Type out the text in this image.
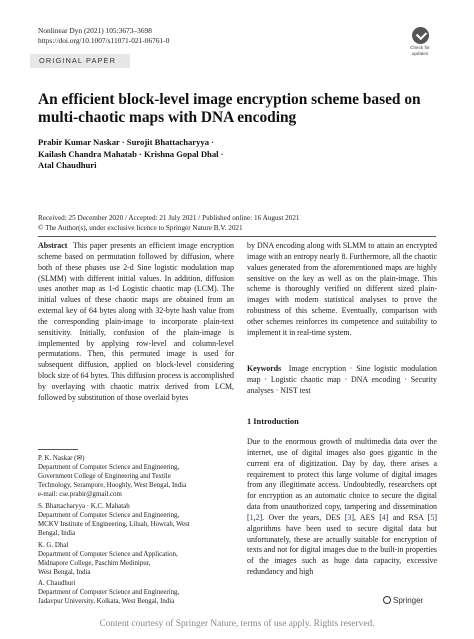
Nonlinear Dyn (2021) 105:3673–3698
https://doi.org/10.1007/s11071-021-06761-0
Check for
updates
ORIGINAL PAPER
An efficient block-level image encryption scheme based on multi-chaotic maps with DNA encoding
Prabir Kumar Naskar · Surojit Bhattacharyya ·
Kailash Chandra Mahatab · Krishna Gopal Dhal ·
Atal Chaudhuri
Received: 25 December 2020 / Accepted: 21 July 2021 / Published online: 16 August 2021
© The Author(s), under exclusive licence to Springer Nature B.V. 2021
Abstract This paper presents an efficient image encryption scheme based on permutation followed by diffusion, where both of these phases use 2-d Sine logistic modulation map (SLMM) with different initial values. In addition, diffusion uses another map as 1-d Logistic chaotic map (LCM). The initial values of these chaotic maps are obtained from an external key of 64 bytes along with 32-byte hash value from the corresponding plain-image to incorporate plain-text sensitivity. Initially, confusion of the plain-image is implemented by applying row-level and column-level permutations. Then, this permuted image is used for subsequent diffusion, applied on block-level considering block size of 64 bytes. This diffusion process is accomplished by overlaying with chaotic matrix derived from LCM, followed by substitution of those overlaid bytes
by DNA encoding along with SLMM to attain an encrypted image with an entropy nearly 8. Furthermore, all the chaotic values generated from the aforementioned maps are highly sensitive on the key as well as on the plain-image. This scheme is thoroughly verified on different sized plain-images with modern statistical analyses to prove the robustness of this scheme. Eventually, comparison with other schemes reinforces its competence and suitability to implement it in real-time system.
Keywords Image encryption · Sine logistic modulation map · Logistic chaotic map · DNA encoding · Security analyses · NIST test
1 Introduction
Due to the enormous growth of multimedia data over the internet, use of digital images also goes gigantic in the current era of digitization. Day by day, there arises a requirement to protect this large volume of digital images from any illegitimate access. Undoubtedly, researchers opt for encryption as an automatic choice to secure the digital data from unauthorized copy, tampering and dissemination [1,2]. Over the years, DES [3], AES [4] and RSA [5] algorithms have been used to secure digital data but unfortunately, these are actually suitable for encryption of texts and not for digital images due to the built-in properties of the images such as huge data capacity, excessive redundancy and high
P. K. Naskar (✉)
Department of Computer Science and Engineering,
Government College of Engineering and Textile
Technology, Serampore, Hooghly, West Bengal, India
e-mail: cse.prabir@gmail.com
S. Bhattacharyya · K.C. Mahatab
Department of Computer Science and Engineering,
MCKV Institute of Engineering, Liluah, Howrah, West
Bengal, India
K. G. Dhal
Department of Computer Science and Application,
Midnapore College, Paschim Medinipur,
West Bengal, India
A. Chaudhuri
Department of Computer Science and Engineering,
Jadavpur University, Kolkata, West Bengal, India	Springer
Content courtesy of Springer Nature, terms of use apply. Rights reserved.
